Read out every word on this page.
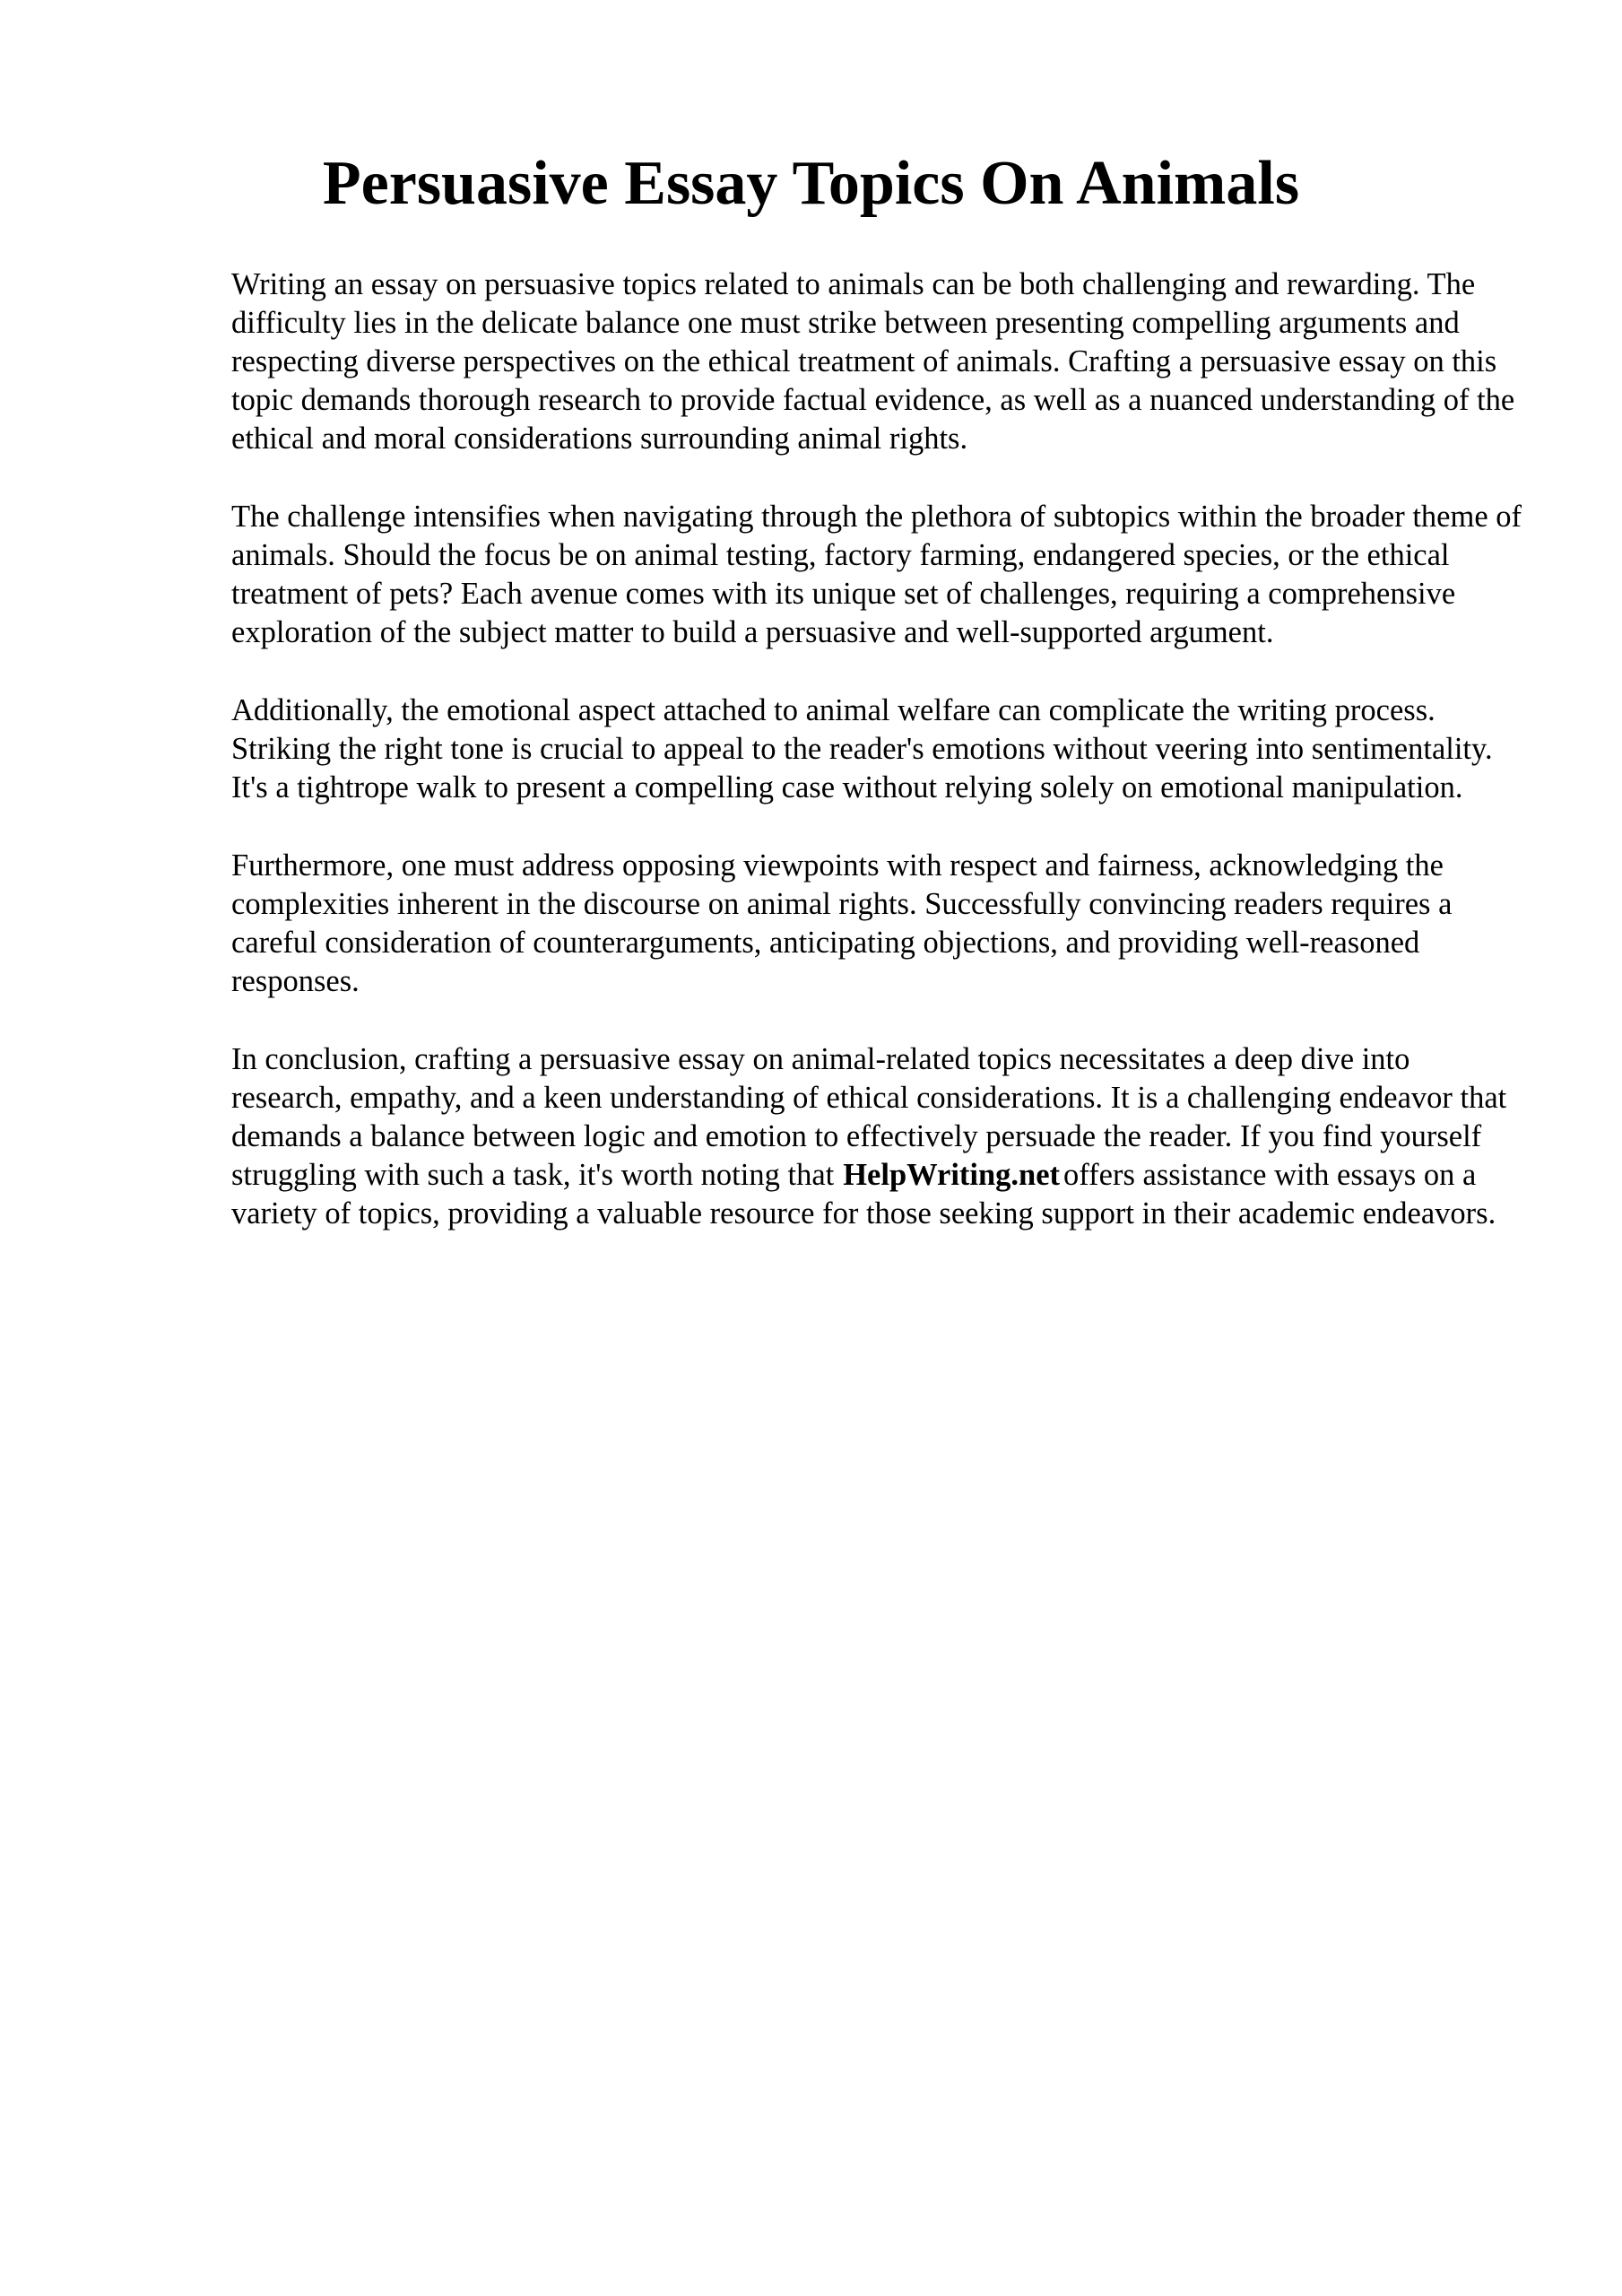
Persuasive Essay Topics On Animals

Writing an essay on persuasive topics related to animals can be both challenging and rewarding. The difficulty lies in the delicate balance one must strike between presenting compelling arguments and respecting diverse perspectives on the ethical treatment of animals. Crafting a persuasive essay on this topic demands thorough research to provide factual evidence, as well as a nuanced understanding of the ethical and moral considerations surrounding animal rights.

The challenge intensifies when navigating through the plethora of subtopics within the broader theme of animals. Should the focus be on animal testing, factory farming, endangered species, or the ethical treatment of pets? Each avenue comes with its unique set of challenges, requiring a comprehensive exploration of the subject matter to build a persuasive and well-supported argument.

Additionally, the emotional aspect attached to animal welfare can complicate the writing process. Striking the right tone is crucial to appeal to the reader's emotions without veering into sentimentality. It's a tightrope walk to present a compelling case without relying solely on emotional manipulation.

Furthermore, one must address opposing viewpoints with respect and fairness, acknowledging the complexities inherent in the discourse on animal rights. Successfully convincing readers requires a careful consideration of counterarguments, anticipating objections, and providing well-reasoned responses.

In conclusion, crafting a persuasive essay on animal-related topics necessitates a deep dive into research, empathy, and a keen understanding of ethical considerations. It is a challenging endeavor that demands a balance between logic and emotion to effectively persuade the reader. If you find yourself struggling with such a task, it's worth noting that HelpWriting.net offers assistance with essays on a variety of topics, providing a valuable resource for those seeking support in their academic endeavors.
